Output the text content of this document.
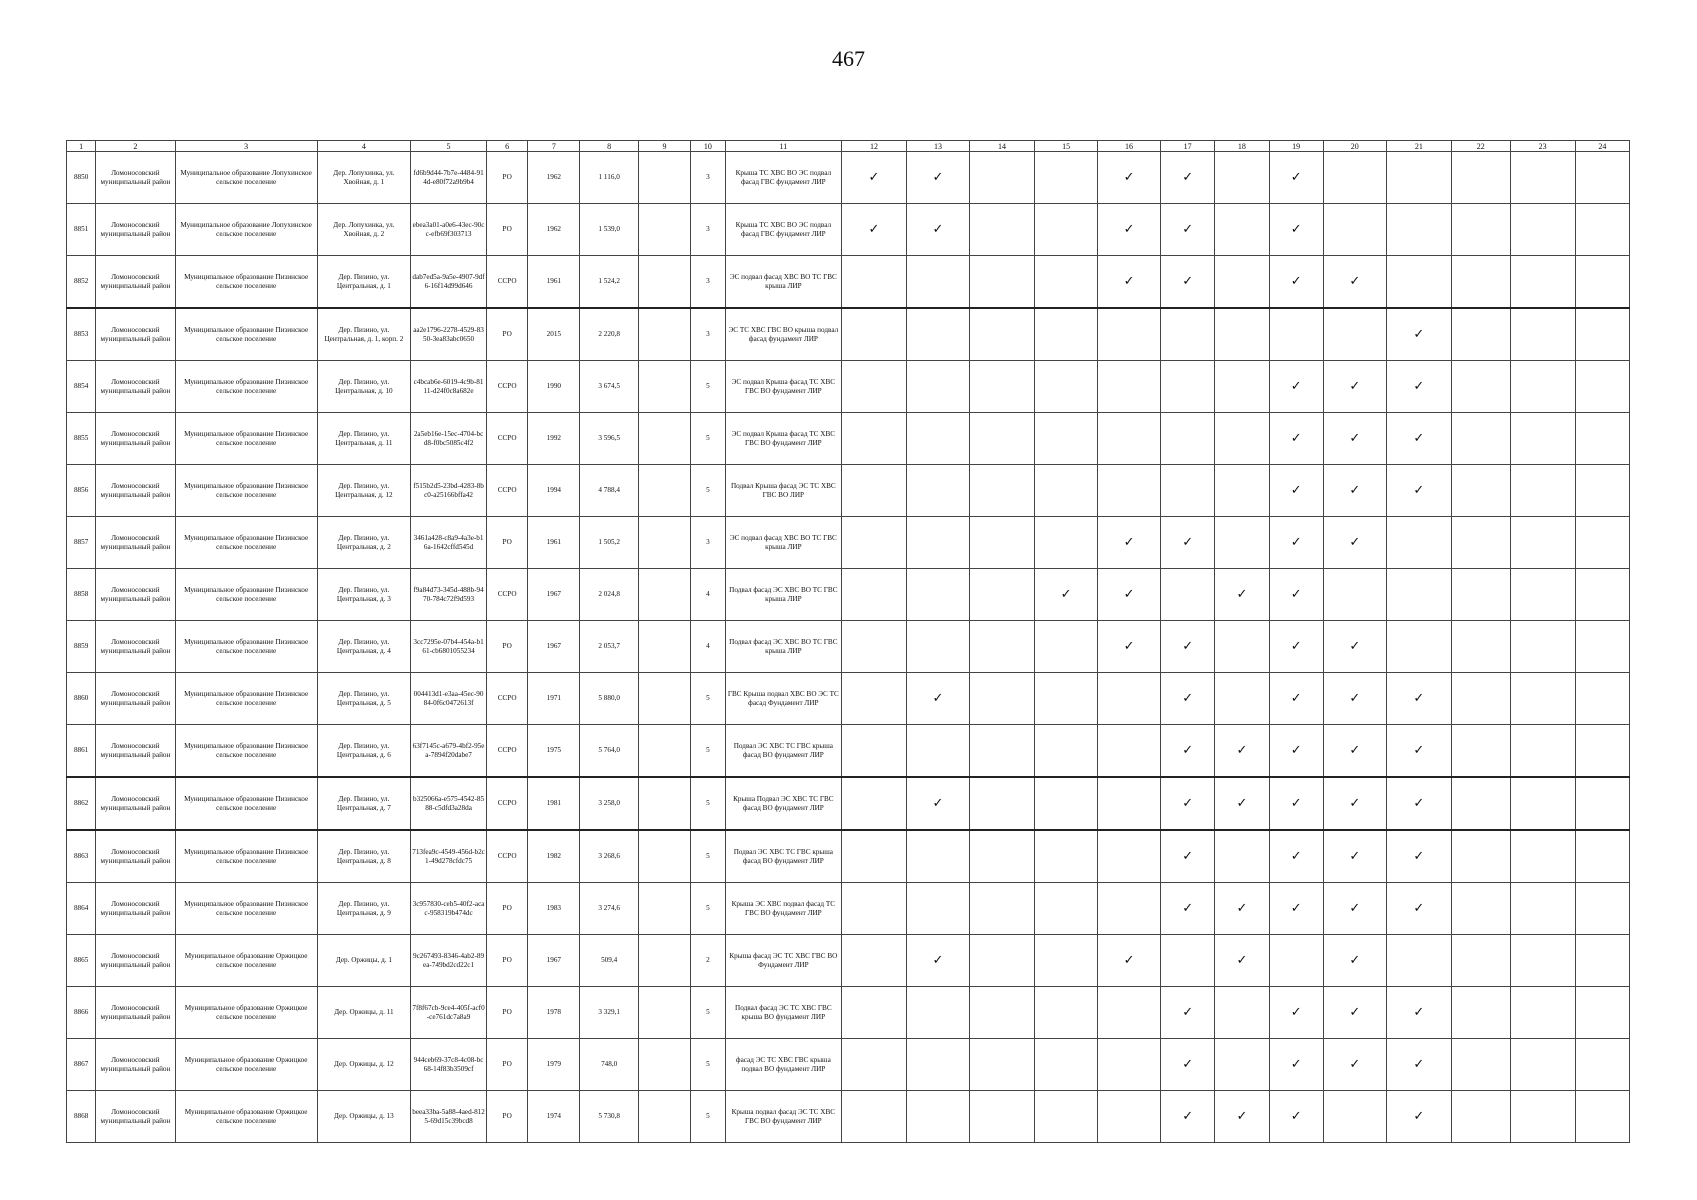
467
1	2	3	4	5	6	7	8	9	10	11	12	13	14	15	16	17	18	19	20	21	22	23	24
8850	Ломоносовский муниципальный район	Муниципальное образование Лопухинское сельское поселение	Дер. Лопухинка, ул. Хвойная, д. 1	fd6b9d44-7b7e-4484-914d-e80f72a9b9b4	РО	1962	1 116,0		3	Крыша ТС ХВС ВО ЭС подвал фасад ГВС фундамент ЛИР	✓	✓			✓	✓		✓					
8851	Ломоносовский муниципальный район	Муниципальное образование Лопухинское сельское поселение	Дер. Лопухинка, ул. Хвойная, д. 2	ebea3a01-a0e6-43ec-90cc-efb69f303713	РО	1962	1 539,0		3	Крыша ТС ХВС ВО ЭС подвал фасад ГВС фундамент ЛИР	✓	✓			✓	✓		✓					
8852	Ломоносовский муниципальный район	Муниципальное образование Пизинское сельское поселение	Дер. Пизино, ул. Центральная, д. 1	dab7ed5a-9a5e-4907-9df6-16f14d99d646	ССРО	1961	1 524,2		3	ЭС подвал фасад ХВС ВО ТС ГВС крыша ЛИР					✓	✓		✓	✓				
8853	Ломоносовский муниципальный район	Муниципальное образование Пизинское сельское поселение	Дер. Пизино, ул. Центральная, д. 1, корп. 2	aa2e1796-2278-4529-8350-3ea83abc0650	РО	2015	2 220,8		3	ЭС ТС ХВС ГВС ВО крыша подвал фасад фундамент ЛИР										✓			
8854	Ломоносовский муниципальный район	Муниципальное образование Пизинское сельское поселение	Дер. Пизино, ул. Центральная, д. 10	c4bcab6e-6019-4c9b-8111-d24f0c8a682e	ССРО	1990	3 674,5		5	ЭС подвал Крыша фасад ТС ХВС ГВС ВО фундамент ЛИР								✓	✓	✓			
8855	Ломоносовский муниципальный район	Муниципальное образование Пизинское сельское поселение	Дер. Пизино, ул. Центральная, д. 11	2a5eb16e-15ec-4704-bcd8-f0bc5085c4f2	ССРО	1992	3 596,5		5	ЭС подвал Крыша фасад ТС ХВС ГВС ВО фундамент ЛИР								✓	✓	✓			
8856	Ломоносовский муниципальный район	Муниципальное образование Пизинское сельское поселение	Дер. Пизино, ул. Центральная, д. 12	f515b2d5-23bd-4283-8bc0-a25166bffa42	ССРО	1994	4 788,4		5	Подвал Крыша фасад ЭС ТС ХВС ГВС ВО ЛИР								✓	✓	✓			
8857	Ломоносовский муниципальный район	Муниципальное образование Пизинское сельское поселение	Дер. Пизино, ул. Центральная, д. 2	3461a428-c8a9-4a3e-b16a-1642cffd545d	РО	1961	1 505,2		3	ЭС подвал фасад ХВС ВО ТС ГВС крыша ЛИР					✓	✓		✓	✓				
8858	Ломоносовский муниципальный район	Муниципальное образование Пизинское сельское поселение	Дер. Пизино, ул. Центральная, д. 3	f9a84d73-345d-488b-9470-784c72f9d593	ССРО	1967	2 024,8		4	Подвал фасад ЭС ХВС ВО ТС ГВС крыша ЛИР				✓	✓		✓	✓					
8859	Ломоносовский муниципальный район	Муниципальное образование Пизинское сельское поселение	Дер. Пизино, ул. Центральная, д. 4	3cc7295e-07b4-454a-b161-cb6801055234	РО	1967	2 053,7		4	Подвал фасад ЭС ХВС ВО ТС ГВС крыша ЛИР					✓	✓		✓	✓				
8860	Ломоносовский муниципальный район	Муниципальное образование Пизинское сельское поселение	Дер. Пизино, ул. Центральная, д. 5	004413d1-e3aa-45ec-9084-0f6c0472613f	ССРО	1971	5 880,0		5	ГВС Крыша подвал ХВС ВО ЭС ТС фасад Фундамент ЛИР		✓				✓		✓	✓	✓			
8861	Ломоносовский муниципальный район	Муниципальное образование Пизинское сельское поселение	Дер. Пизино, ул. Центральная, д. 6	63f7145c-a679-4bf2-95ea-7894f20dabe7	ССРО	1975	5 764,0		5	Подвал ЭС ХВС ТС ГВС крыша фасад ВО фундамент ЛИР						✓	✓	✓	✓	✓			
8862	Ломоносовский муниципальный район	Муниципальное образование Пизинское сельское поселение	Дер. Пизино, ул. Центральная, д. 7	b325066a-e575-4542-8588-c5dfd3a28da	ССРО	1981	3 258,0		5	Крыша Подвал ЭС ХВС ТС ГВС фасад ВО фундамент ЛИР		✓				✓	✓	✓	✓	✓			
8863	Ломоносовский муниципальный район	Муниципальное образование Пизинское сельское поселение	Дер. Пизино, ул. Центральная, д. 8	713fea9c-4549-456d-b2c1-49d278cfdc75	ССРО	1982	3 268,6		5	Подвал ЭС ХВС ТС ГВС крыша фасад ВО фундамент ЛИР						✓		✓	✓	✓			
8864	Ломоносовский муниципальный район	Муниципальное образование Пизинское сельское поселение	Дер. Пизино, ул. Центральная, д. 9	3c957830-ceb5-40f2-acac-958319b474dc	РО	1983	3 274,6		5	Крыша ЭС ХВС подвал фасад ТС ГВС ВО фундамент ЛИР						✓	✓	✓	✓	✓			
8865	Ломоносовский муниципальный район	Муниципальное образование Оржицкое сельское поселение	Дер. Оржицы, д. 1	9c267493-8346-4ab2-89ea-749bd2cd22c1	РО	1967	509,4		2	Крыша фасад ЭС ТС ХВС ГВС ВО Фундамент ЛИР		✓			✓		✓		✓				
8866	Ломоносовский муниципальный район	Муниципальное образование Оржицкое сельское поселение	Дер. Оржицы, д. 11	7f8f67cb-9ce4-405f-acf0-ce761dc7a8a9	РО	1978	3 329,1		5	Подвал фасад ЭС ТС ХВС ГВС крыша ВО фундамент ЛИР						✓		✓	✓	✓			
8867	Ломоносовский муниципальный район	Муниципальное образование Оржицкое сельское поселение	Дер. Оржицы, д. 12	944ceb69-37c8-4c08-bc68-14f83b3509cf	РО	1979	748,0		5	фасад ЭС ТС ХВС ГВС крыша подвал ВО фундамент ЛИР						✓		✓	✓	✓			
8868	Ломоносовский муниципальный район	Муниципальное образование Оржицкое сельское поселение	Дер. Оржицы, д. 13	beea33ba-5a88-4aed-8125-69d15c39bcd8	РО	1974	5 730,8		5	Крыша подвал фасад ЭС ТС ХВС ГВС ВО фундамент ЛИР						✓	✓	✓		✓			
